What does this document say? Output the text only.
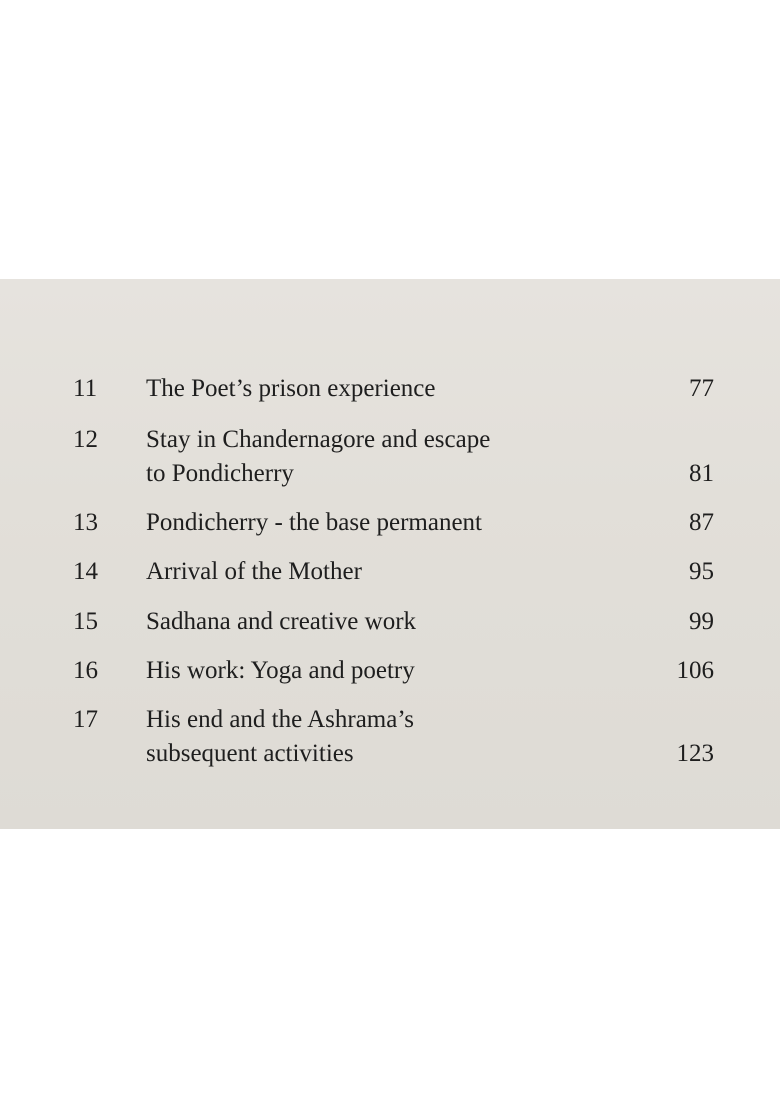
11 The Poet’s prison experience	77
12 Stay in Chandernagore and escape
to Pondicherry	81
13 Pondicherry - the base permanent	87
14 Arrival of the Mother	95
15 Sadhana and creative work	99
16 His work: Yoga and poetry	106
17 His end and the Ashrama’s
subsequent activities	123
